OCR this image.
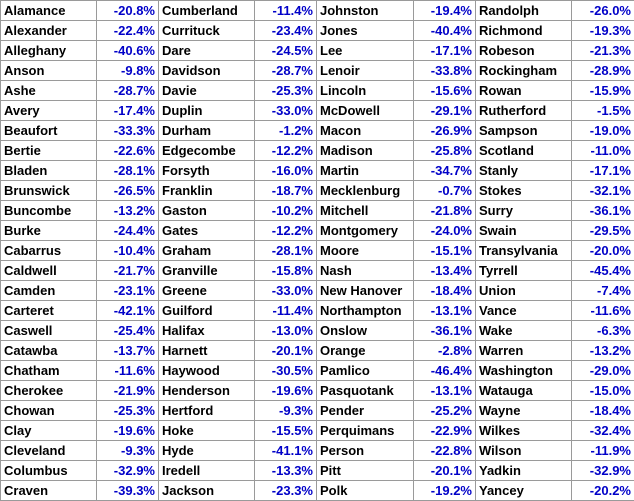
Alamance	-20.8%	Cumberland	-11.4%	Johnston	-19.4%	Randolph	-26.0%
Alexander	-22.4%	Currituck	-23.4%	Jones	-40.4%	Richmond	-19.3%
Alleghany	-40.6%	Dare	-24.5%	Lee	-17.1%	Robeson	-21.3%
Anson	-9.8%	Davidson	-28.7%	Lenoir	-33.8%	Rockingham	-28.9%
Ashe	-28.7%	Davie	-25.3%	Lincoln	-15.6%	Rowan	-15.9%
Avery	-17.4%	Duplin	-33.0%	McDowell	-29.1%	Rutherford	-1.5%
Beaufort	-33.3%	Durham	-1.2%	Macon	-26.9%	Sampson	-19.0%
Bertie	-22.6%	Edgecombe	-12.2%	Madison	-25.8%	Scotland	-11.0%
Bladen	-28.1%	Forsyth	-16.0%	Martin	-34.7%	Stanly	-17.1%
Brunswick	-26.5%	Franklin	-18.7%	Mecklenburg	-0.7%	Stokes	-32.1%
Buncombe	-13.2%	Gaston	-10.2%	Mitchell	-21.8%	Surry	-36.1%
Burke	-24.4%	Gates	-12.2%	Montgomery	-24.0%	Swain	-29.5%
Cabarrus	-10.4%	Graham	-28.1%	Moore	-15.1%	Transylvania	-20.0%
Caldwell	-21.7%	Granville	-15.8%	Nash	-13.4%	Tyrrell	-45.4%
Camden	-23.1%	Greene	-33.0%	New Hanover	-18.4%	Union	-7.4%
Carteret	-42.1%	Guilford	-11.4%	Northampton	-13.1%	Vance	-11.6%
Caswell	-25.4%	Halifax	-13.0%	Onslow	-36.1%	Wake	-6.3%
Catawba	-13.7%	Harnett	-20.1%	Orange	-2.8%	Warren	-13.2%
Chatham	-11.6%	Haywood	-30.5%	Pamlico	-46.4%	Washington	-29.0%
Cherokee	-21.9%	Henderson	-19.6%	Pasquotank	-13.1%	Watauga	-15.0%
Chowan	-25.3%	Hertford	-9.3%	Pender	-25.2%	Wayne	-18.4%
Clay	-19.6%	Hoke	-15.5%	Perquimans	-22.9%	Wilkes	-32.4%
Cleveland	-9.3%	Hyde	-41.1%	Person	-22.8%	Wilson	-11.9%
Columbus	-32.9%	Iredell	-13.3%	Pitt	-20.1%	Yadkin	-32.9%
Craven	-39.3%	Jackson	-23.3%	Polk	-19.2%	Yancey	-20.2%
